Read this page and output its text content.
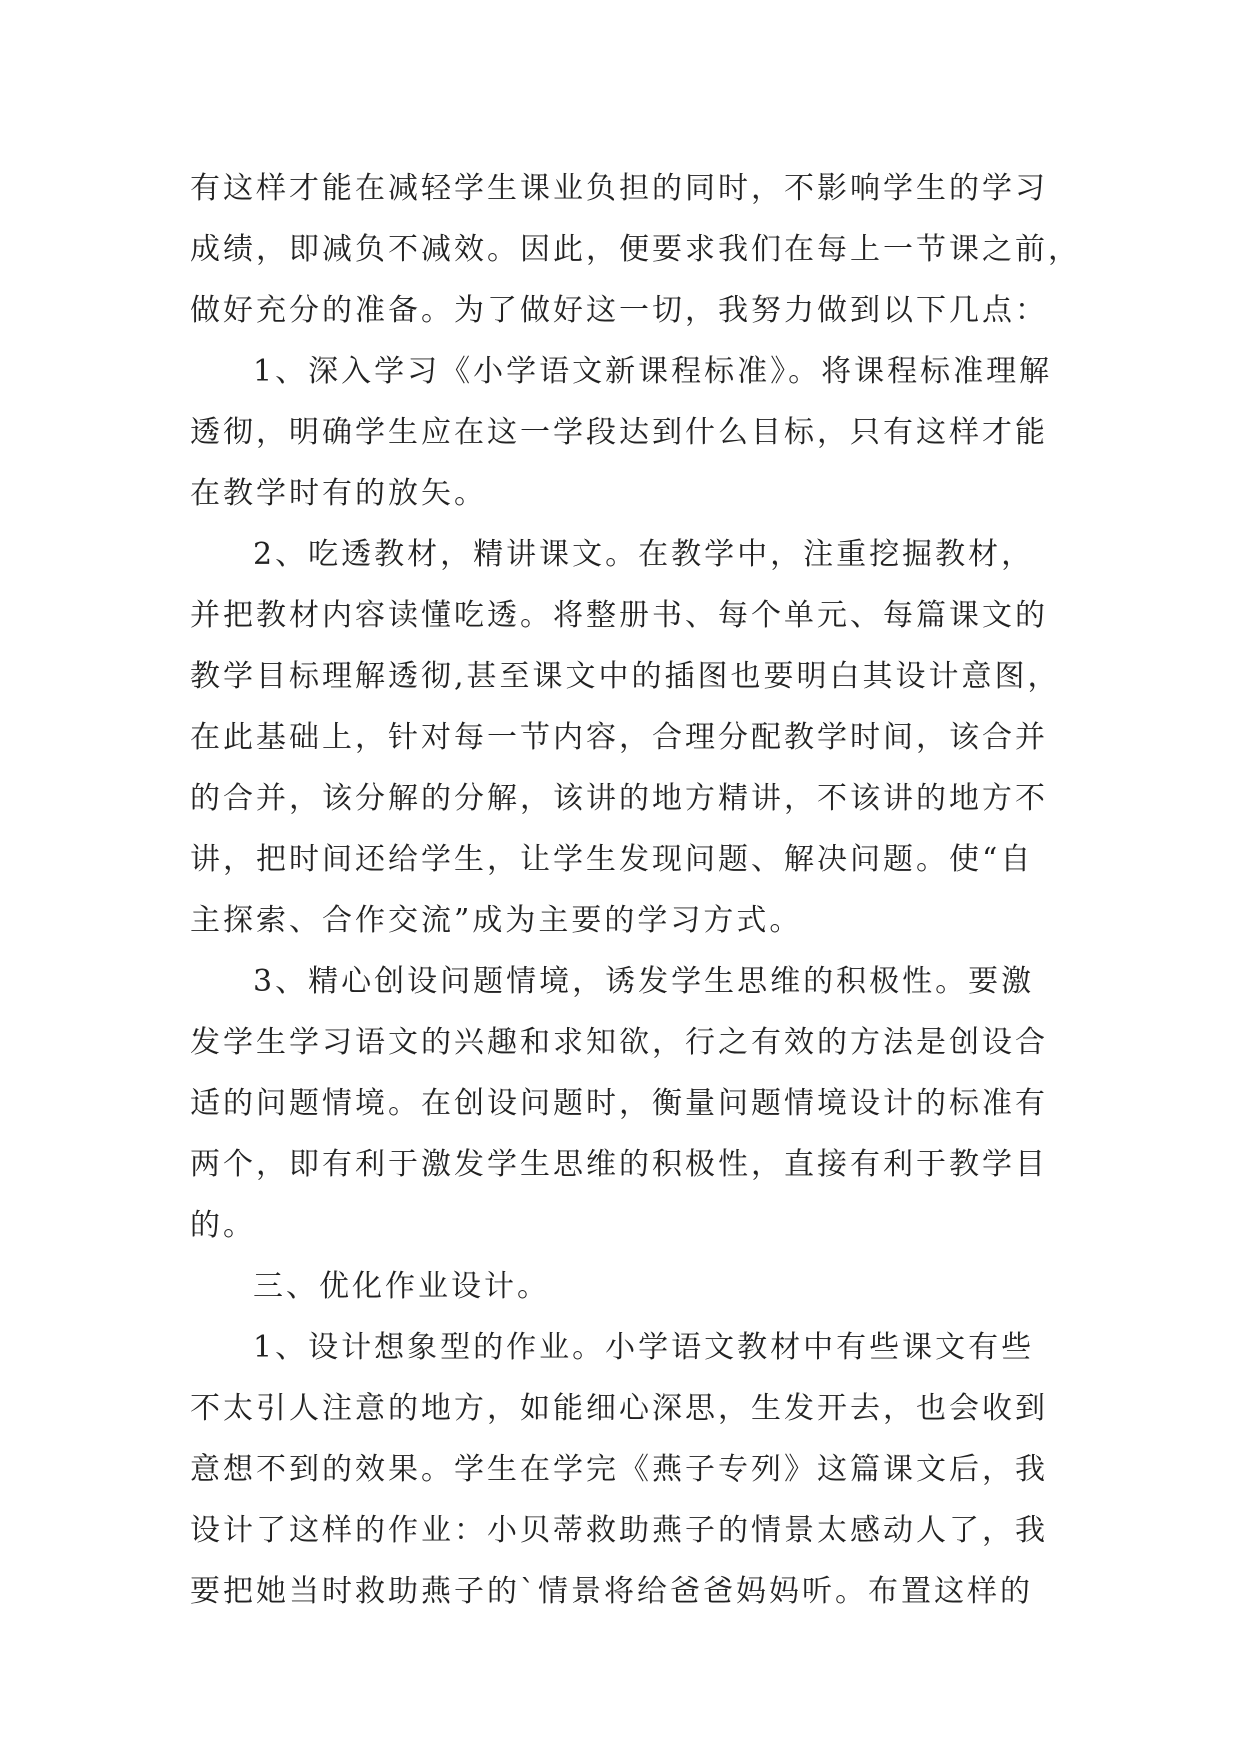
有这样才能在减轻学生课业负担的同时，不影响学生的学习
成绩，即减负不减效。因此，便要求我们在每上一节课之前，
做好充分的准备。为了做好这一切，我努力做到以下几点：
1、深入学习《小学语文新课程标准》。将课程标准理解
透彻，明确学生应在这一学段达到什么目标，只有这样才能
在教学时有的放矢。
2、吃透教材，精讲课文。在教学中，注重挖掘教材，
并把教材内容读懂吃透。将整册书、每个单元、每篇课文的
教学目标理解透彻,甚至课文中的插图也要明白其设计意图，
在此基础上，针对每一节内容，合理分配教学时间，该合并
的合并，该分解的分解，该讲的地方精讲，不该讲的地方不
讲，把时间还给学生，让学生发现问题、解决问题。使“自
主探索、合作交流”成为主要的学习方式。
3、精心创设问题情境，诱发学生思维的积极性。要激
发学生学习语文的兴趣和求知欲，行之有效的方法是创设合
适的问题情境。在创设问题时，衡量问题情境设计的标准有
两个，即有利于激发学生思维的积极性，直接有利于教学目
的。
三、优化作业设计。
1、设计想象型的作业。小学语文教材中有些课文有些
不太引人注意的地方，如能细心深思，生发开去，也会收到
意想不到的效果。学生在学完《燕子专列》这篇课文后，我
设计了这样的作业：小贝蒂救助燕子的情景太感动人了，我
要把她当时救助燕子的`情景将给爸爸妈妈听。布置这样的
